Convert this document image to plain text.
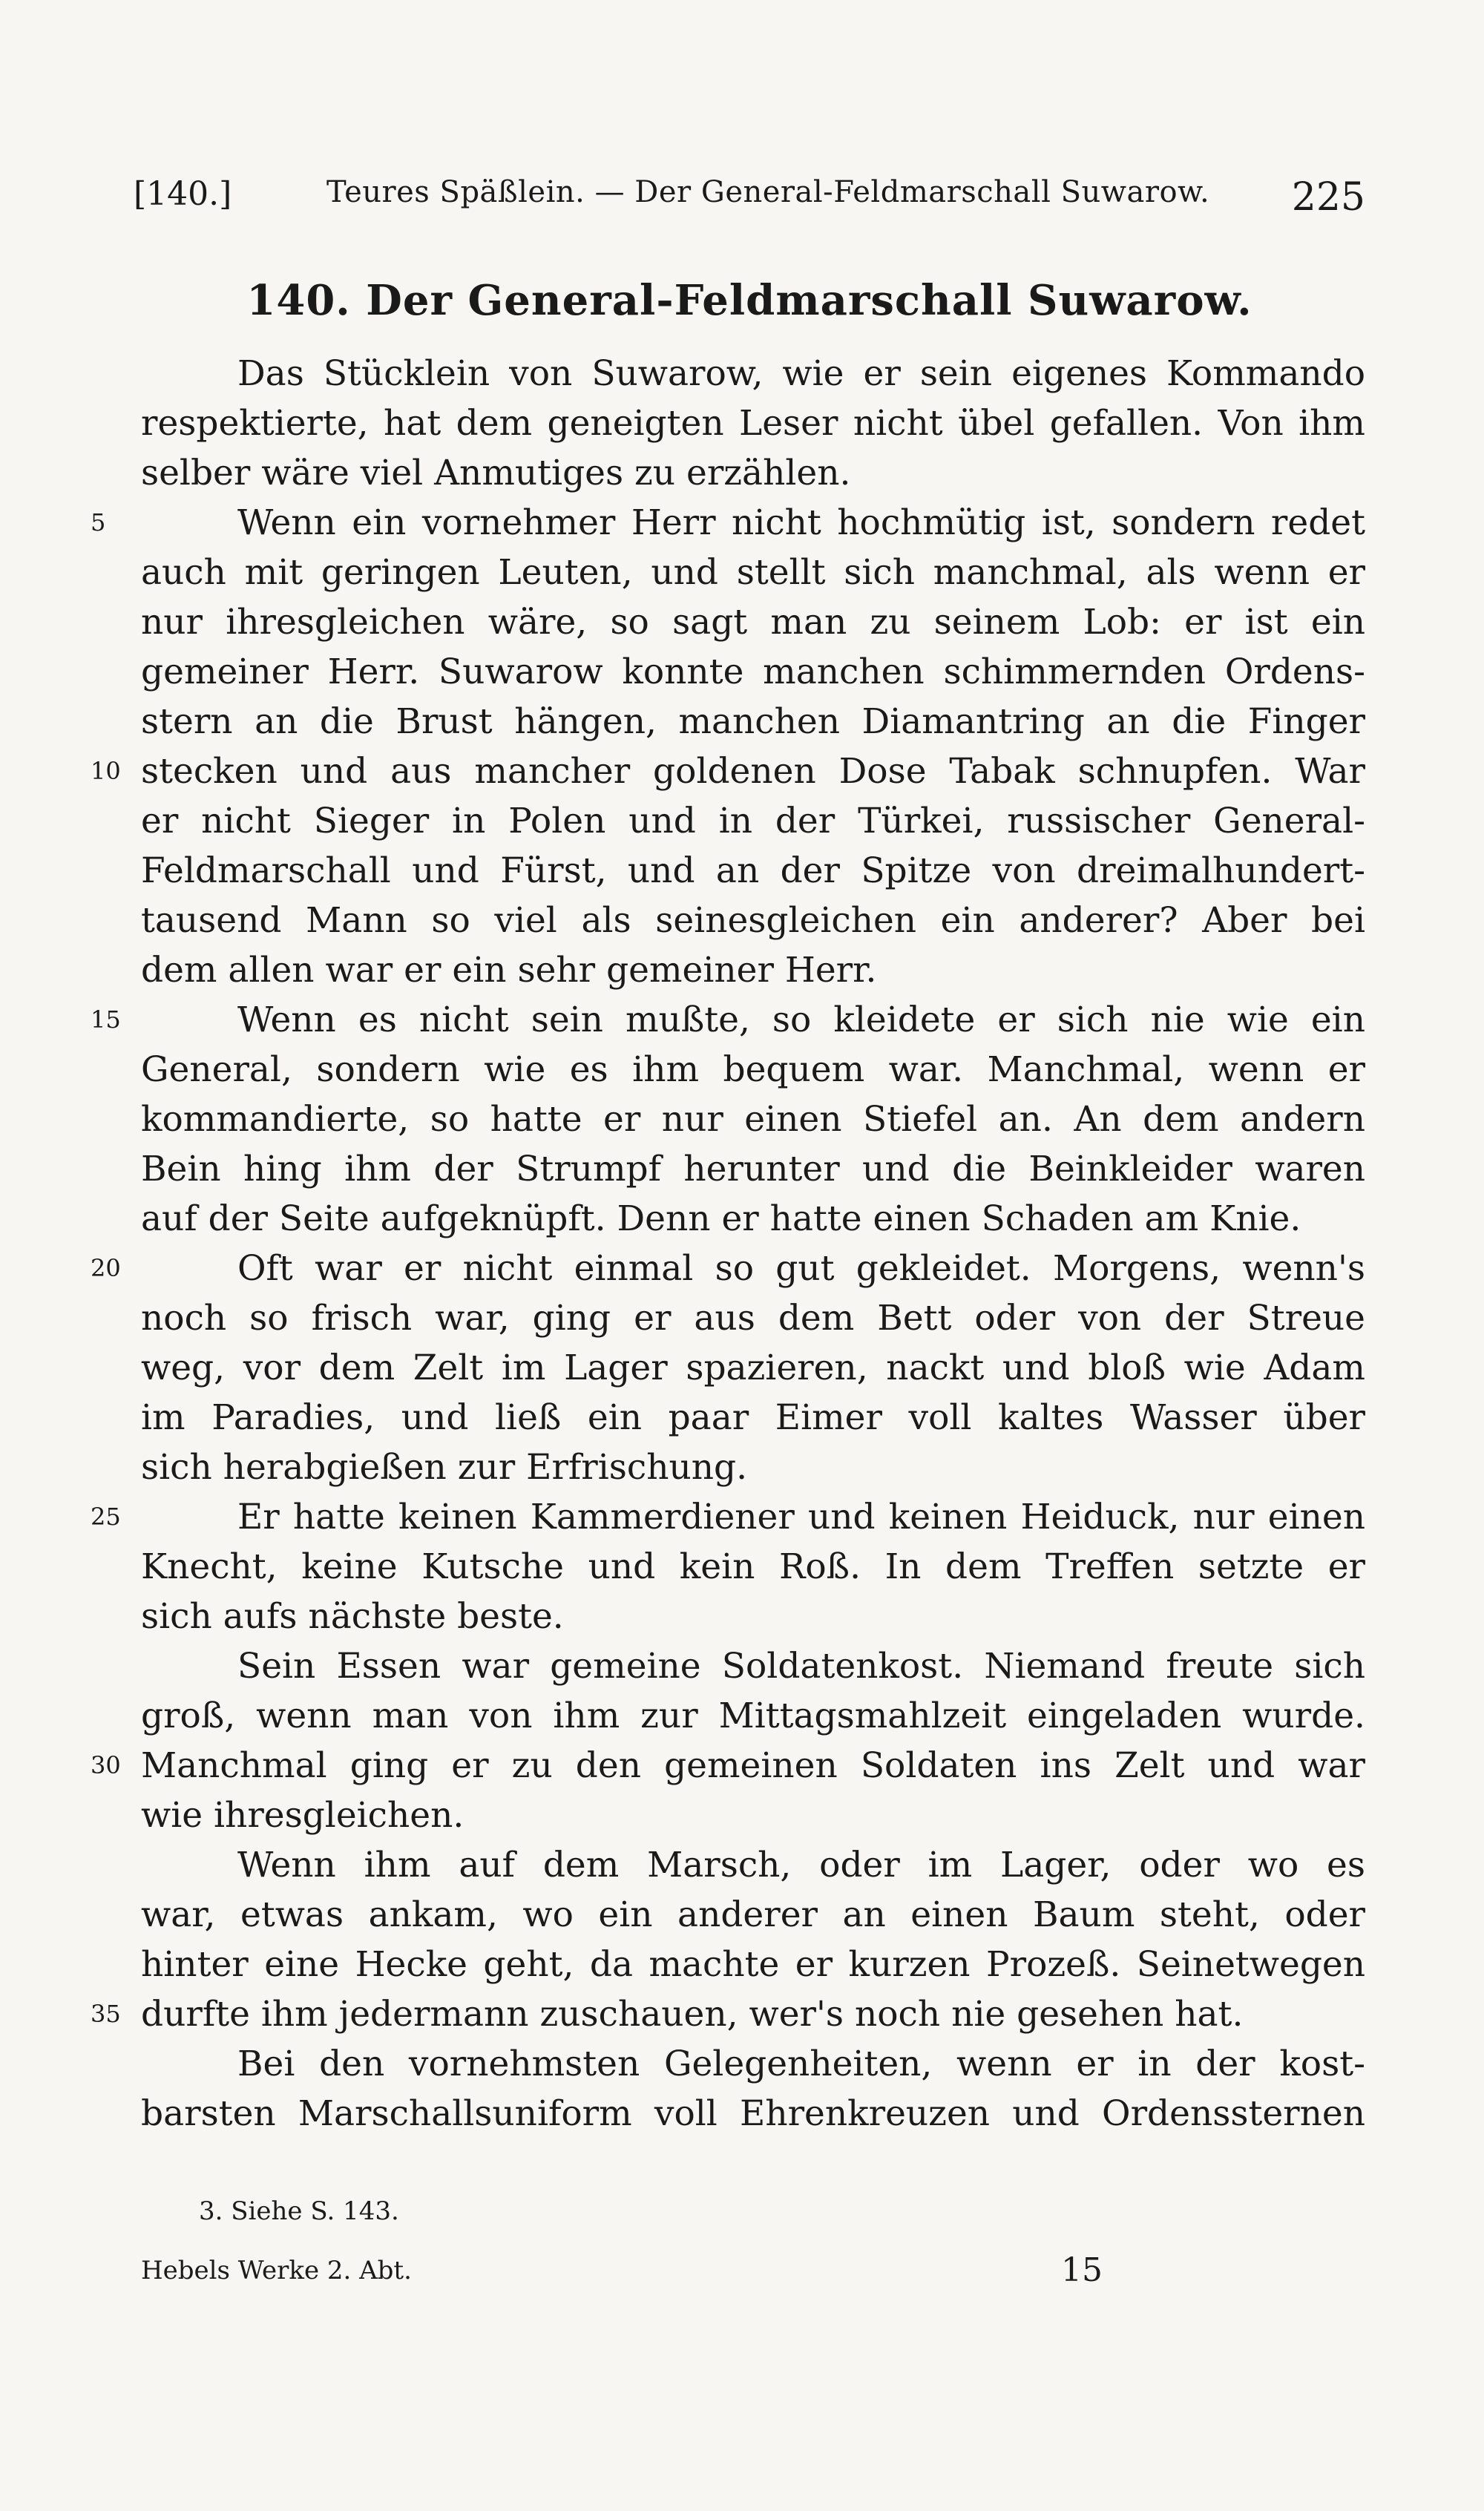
[140.]	Teures Späßlein. — Der General-Feldmarschall Suwarow. 225
140. Der General-Feldmarschall Suwarow.
Das Stücklein von Suwarow, wie er sein eigenes Kommando
respektierte, hat dem geneigten Leser nicht übel gefallen. Von ihm
selber wäre viel Anmutiges zu erzählen.
5	Wenn ein vornehmer Herr nicht hochmütig ist, sondern redet
auch mit geringen Leuten, und stellt sich manchmal, als wenn er
nur ihresgleichen wäre, so sagt man zu seinem Lob: er ist ein
gemeiner Herr. Suwarow konnte manchen schimmernden Ordens-
stern an die Brust hängen, manchen Diamantring an die Finger
10 stecken und aus mancher goldenen Dose Tabak schnupfen. War
er nicht Sieger in Polen und in der Türkei, russischer General-
Feldmarschall und Fürst, und an der Spitze von dreimalhundert-
tausend Mann so viel als seinesgleichen ein anderer? Aber bei
dem allen war er ein sehr gemeiner Herr.
15	Wenn es nicht sein mußte, so kleidete er sich nie wie ein
General, sondern wie es ihm bequem war. Manchmal, wenn er
kommandierte, so hatte er nur einen Stiefel an. An dem andern
Bein hing ihm der Strumpf herunter und die Beinkleider waren
auf der Seite aufgeknüpft. Denn er hatte einen Schaden am Knie.
20	Oft war er nicht einmal so gut gekleidet. Morgens, wenn's
noch so frisch war, ging er aus dem Bett oder von der Streue
weg, vor dem Zelt im Lager spazieren, nackt und bloß wie Adam
im Paradies, und ließ ein paar Eimer voll kaltes Wasser über
sich herabgießen zur Erfrischung.
25	Er hatte keinen Kammerdiener und keinen Heiduck, nur einen
Knecht, keine Kutsche und kein Roß. In dem Treffen setzte er
sich aufs nächste beste.
Sein Essen war gemeine Soldatenkost. Niemand freute sich
groß, wenn man von ihm zur Mittagsmahlzeit eingeladen wurde.
30 Manchmal ging er zu den gemeinen Soldaten ins Zelt und war
wie ihresgleichen.
Wenn ihm auf dem Marsch, oder im Lager, oder wo es
war, etwas ankam, wo ein anderer an einen Baum steht, oder
hinter eine Hecke geht, da machte er kurzen Prozeß. Seinetwegen
35 durfte ihm jedermann zuschauen, wer's noch nie gesehen hat.
Bei den vornehmsten Gelegenheiten, wenn er in der kost-
barsten Marschallsuniform voll Ehrenkreuzen und Ordenssternen
3. Siehe S. 143.
Hebels Werke 2. Abt.	15
